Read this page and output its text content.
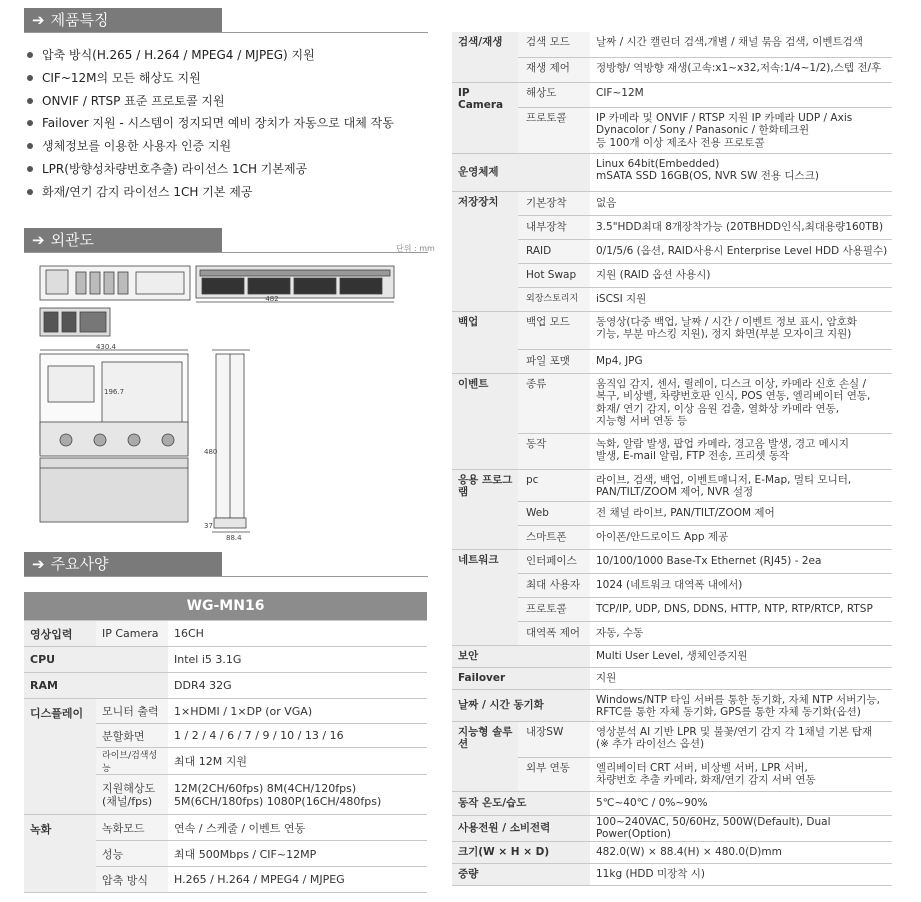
➔ 제품특징
압축 방식(H.265 / H.264 / MPEG4 / MJPEG) 지원
CIF~12M의 모든 해상도 지원
ONVIF / RTSP 표준 프로토콜 지원
Failover 지원 - 시스템이 정지되면 예비 장치가 자동으로 대체 작동
생체정보를 이용한 사용자 인증 지원
LPR(방향성차량번호추출) 라이선스 1CH 기본제공
화재/연기 감지 라이선스 1CH 기본 제공
➔ 외관도	단위 : mm
482
430.4
196.7
480
37
88.4
➔ 주요사양
WG-MN16		
영상입력	IP Camera	16CH
CPU		Intel i5 3.1G
RAM		DDR4 32G
디스플레이	모니터 출력	1×HDMI / 1×DP (or VGA)
	분할화면	1 / 2 / 4 / 6 / 7 / 9 / 10 / 13 / 16
	라이브/검색성능	최대 12M 지원
	지원해상도 (채널/fps)	12M(2CH/60fps) 8M(4CH/120fps)
5M(6CH/180fps) 1080P(16CH/480fps)

녹화	녹화모드	연속 / 스케줄 / 이벤트 연동
	성능	최대 500Mbps / CIF~12MP
	압축 방식	H.265 / H.264 / MPEG4 / MJPEG
검색/재생	검색 모드	날짜 / 시간 캘린더 검색,개별 / 채널 묶음 검색, 이벤트검색
	재생 제어	정방향/ 역방향 재생(고속:x1~x32,저속:1/4~1/2),스텝 전/후
IP Camera	해상도	CIF~12M
	프로토콜	IP 카메라 및 ONVIF / RTSP 지원 IP 카메라 UDP / Axis
Dynacolor / Sony / Panasonic / 한화테크윈
등 100개 이상 제조사 전용 프로토콜

운영체제		Linux 64bit(Embedded)
mSATA SSD 16GB(OS, NVR SW 전용 디스크)

저장장치	기본장착	없음
	내부장착	3.5"HDD최대 8개장착가능 (20TBHDD인식,최대용량160TB)
	RAID	0/1/5/6 (옵션, RAID사용시 Enterprise Level HDD 사용필수)
	Hot Swap	지원 (RAID 옵션 사용시)
	외장스토리지	iSCSI 지원
백업	백업 모드	동영상(다중 백업, 날짜 / 시간 / 이벤트 정보 표시, 암호화
기능, 부분 마스킹 지원), 정지 화면(부분 모자이크 지원)

	파일 포맷	Mp4, JPG
이벤트	종류	움직임 감지, 센서, 릴레이, 디스크 이상, 카메라 신호 손실 /
복구, 비상벨, 차량번호판 인식, POS 연동, 엘리베이터 연동,
화재/ 연기 감지, 이상 음원 검출, 열화상 카메라 연동,
지능형 서버 연동 등

	동작	녹화, 알람 발생, 팝업 카메라, 경고음 발생, 경고 메시지
발생, E-mail 알림, FTP 전송, 프리셋 동작

응용 프로그램	pc	라이브, 검색, 백업, 이벤트매니저, E-Map, 멀티 모니터,
PAN/TILT/ZOOM 제어, NVR 설정

	Web	전 채널 라이브, PAN/TILT/ZOOM 제어
	스마트폰	아이폰/안드로이드 App 제공
네트워크	인터페이스	10/100/1000 Base-Tx Ethernet (RJ45) - 2ea
	최대 사용자	1024 (네트워크 대역폭 내에서)
	프로토콜	TCP/IP, UDP, DNS, DDNS, HTTP, NTP, RTP/RTCP, RTSP
	대역폭 제어	자동, 수동
보안		Multi User Level, 생체인증지원
Failover		지원
날짜 / 시간 동기화		Windows/NTP 타임 서버를 통한 동기화, 자체 NTP 서버기능,
RFTC를 통한 자체 동기화, GPS를 통한 자체 동기화(옵션)

지능형 솔루션	내장SW	영상분석 AI 기반 LPR 및 불꽃/연기 감지 각 1채널 기본 탑재
(※ 추가 라이선스 옵션)

	외부 연동	엘리베이터 CRT 서버, 비상벨 서버, LPR 서버,
차량번호 추출 카메라, 화재/연기 감지 서버 연동

동작 온도/습도		5℃~40℃ / 0%~90%
사용전원 / 소비전력		100~240VAC, 50/60Hz, 500W(Default), Dual Power(Option)
크기(W × H × D)		482.0(W) × 88.4(H) × 480.0(D)mm
중량		11kg (HDD 미장착 시)
